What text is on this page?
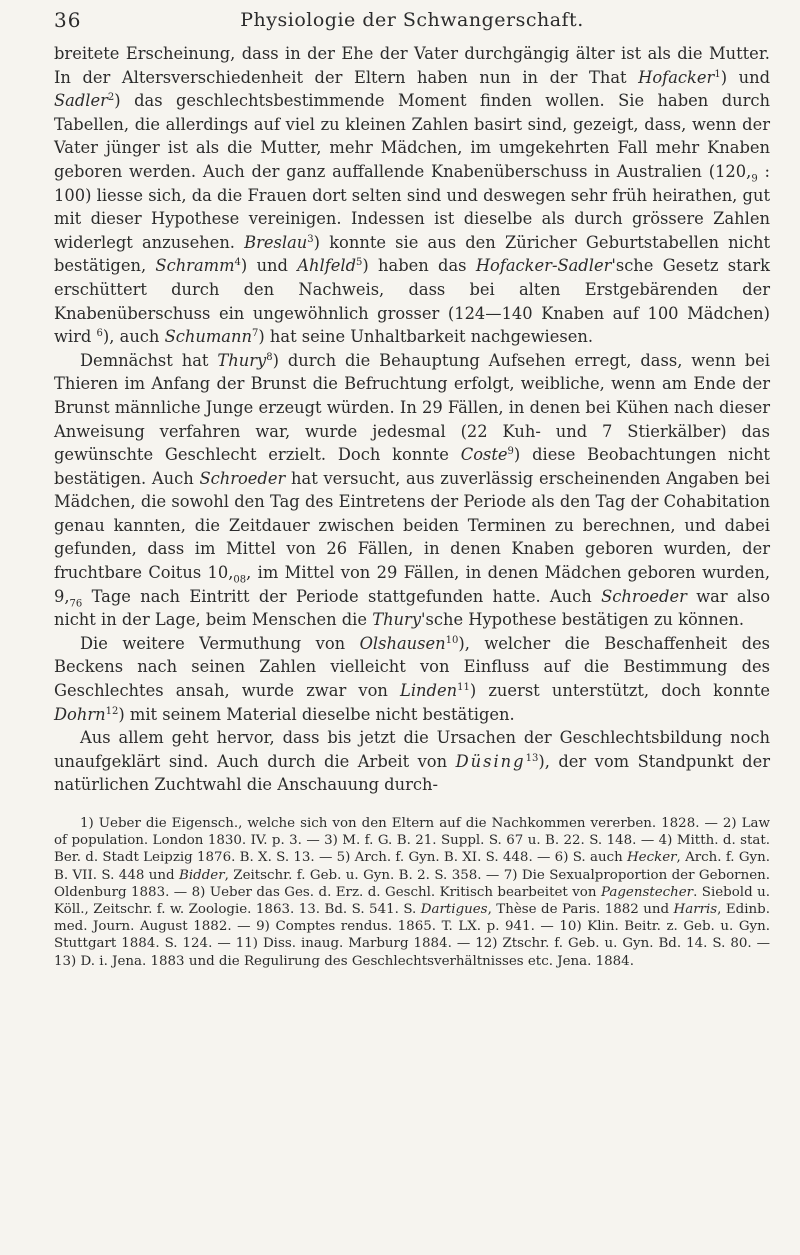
36	Physiologie der Schwangerschaft.

breitete Erscheinung, dass in der Ehe der Vater durchgängig älter ist als die Mutter. In der Altersverschiedenheit der Eltern haben nun in der That Hofacker$^1$) und Sadler$^2$) das geschlechtsbestimmende Moment finden wollen. Sie haben durch Tabellen, die allerdings auf viel zu kleinen Zahlen basirt sind, gezeigt, dass, wenn der Vater jünger ist als die Mutter, mehr Mädchen, im umgekehrten Fall mehr Knaben geboren werden. Auch der ganz auffallende Knabenüberschuss in Australien ($120,_9$ : 100) liesse sich, da die Frauen dort selten sind und deswegen sehr früh heirathen, gut mit dieser Hypothese vereinigen. Indessen ist dieselbe als durch grössere Zahlen widerlegt anzusehen. Breslau$^3$) konnte sie aus den Züricher Geburtstabellen nicht bestätigen, Schramm$^4$) und Ahlfeld$^5$) haben das Hofacker-Sadler'sche Gesetz stark erschüttert durch den Nachweis, dass bei alten Erstgebärenden der Knabenüberschuss ein ungewöhnlich grosser (124—140 Knaben auf 100 Mädchen) wird $^6$), auch Schumann$^7$) hat seine Unhaltbarkeit nachgewiesen.

Demnächst hat Thury$^8$) durch die Behauptung Aufsehen erregt, dass, wenn bei Thieren im Anfang der Brunst die Befruchtung erfolgt, weibliche, wenn am Ende der Brunst männliche Junge erzeugt würden. In 29 Fällen, in denen bei Kühen nach dieser Anweisung verfahren war, wurde jedesmal (22 Kuh- und 7 Stierkälber) das gewünschte Geschlecht erzielt. Doch konnte Coste$^9$) diese Beobachtungen nicht bestätigen. Auch Schroeder hat versucht, aus zuverlässig erscheinenden Angaben bei Mädchen, die sowohl den Tag des Eintretens der Periode als den Tag der Cohabitation genau kannten, die Zeitdauer zwischen beiden Terminen zu berechnen, und dabei gefunden, dass im Mittel von 26 Fällen, in denen Knaben geboren wurden, der fruchtbare Coitus $10,_{08}$, im Mittel von 29 Fällen, in denen Mädchen geboren wurden, $9,_{76}$ Tage nach Eintritt der Periode stattgefunden hatte. Auch Schroeder war also nicht in der Lage, beim Menschen die Thury'sche Hypothese bestätigen zu können.

Die weitere Vermuthung von Olshausen$^{10}$), welcher die Beschaffenheit des Beckens nach seinen Zahlen vielleicht von Einfluss auf die Bestimmung des Geschlechtes ansah, wurde zwar von Linden$^{11}$) zuerst unterstützt, doch konnte Dohrn$^{12}$) mit seinem Material dieselbe nicht bestätigen.

Aus allem geht hervor, dass bis jetzt die Ursachen der Geschlechtsbildung noch unaufgeklärt sind. Auch durch die Arbeit von Düsing$^{13}$), der vom Standpunkt der natürlichen Zuchtwahl die Anschauung durch-

1) Ueber die Eigensch., welche sich von den Eltern auf die Nachkommen vererben. 1828. — 2) Law of population. London 1830. IV. p. 3. — 3) M. f. G. B. 21. Suppl. S. 67 u. B. 22. S. 148. — 4) Mitth. d. stat. Ber. d. Stadt Leipzig 1876. B. X. S. 13. — 5) Arch. f. Gyn. B. XI. S. 448. — 6) S. auch Hecker, Arch. f. Gyn. B. VII. S. 448 und Bidder, Zeitschr. f. Geb. u. Gyn. B. 2. S. 358. — 7) Die Sexualproportion der Gebornen. Oldenburg 1883. — 8) Ueber das Ges. d. Erz. d. Geschl. Kritisch bearbeitet von Pagenstecher. Siebold u. Köll., Zeitschr. f. w. Zoologie. 1863. 13. Bd. S. 541. S. Dartigues, Thèse de Paris. 1882 und Harris, Edinb. med. Journ. August 1882. — 9) Comptes rendus. 1865. T. LX. p. 941. — 10) Klin. Beitr. z. Geb. u. Gyn. Stuttgart 1884. S. 124. — 11) Diss. inaug. Marburg 1884. — 12) Ztschr. f. Geb. u. Gyn. Bd. 14. S. 80. — 13) D. i. Jena. 1883 und die Regulirung des Geschlechtsverhältnisses etc. Jena. 1884.
